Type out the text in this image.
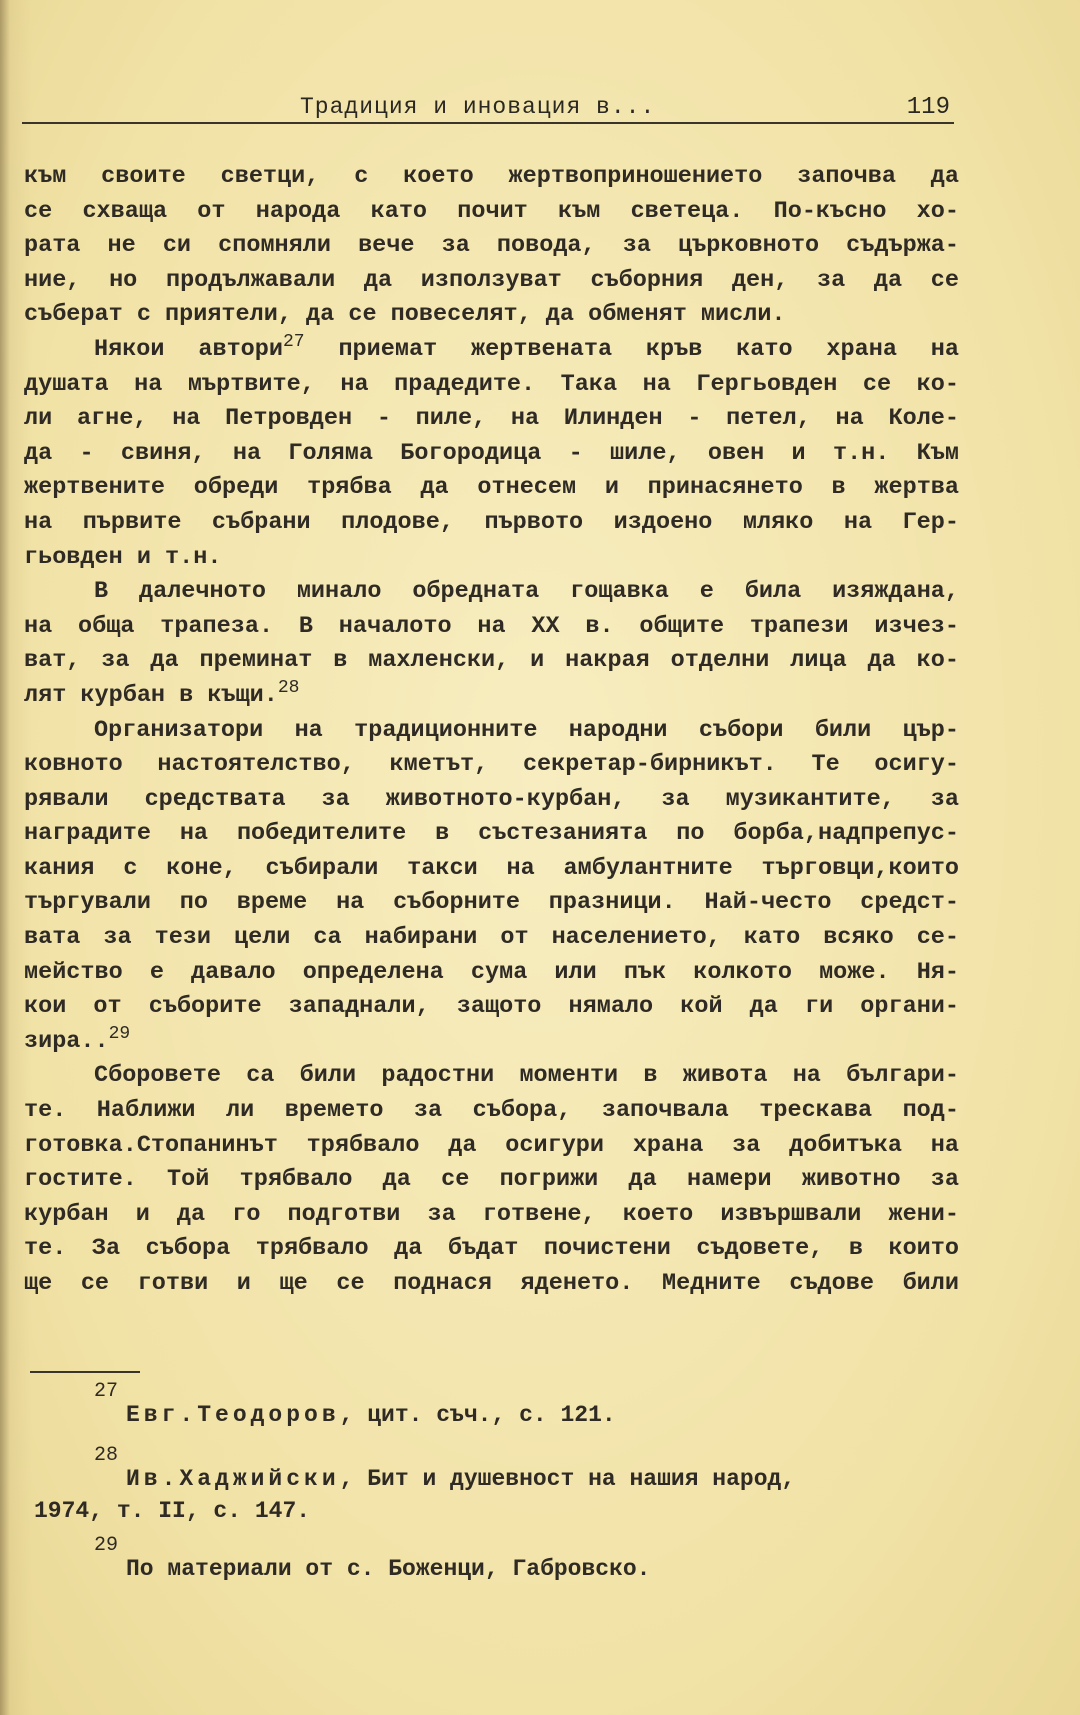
Традиция и иновация в...	119

към своите светци, с което жертвоприношението започва да

се схваща от народа като почит към светеца. По-късно хо-

рата не си спомняли вече за повода, за църковното съдържа-

ние, но продължавали да използуват съборния ден, за да се

съберат с приятели, да се повеселят, да обменят мисли.

Някои автори$^{27}$ приемат жертвената кръв като храна на

душата на мъртвите, на прадедите. Така на Гергьовден се ко-

ли агне, на Петровден - пиле, на Илинден - петел, на Коле-

да - свиня, на Голяма Богородица - шиле, овен и т.н. Към

жертвените обреди трябва да отнесем и принасянето в жертва

на първите събрани плодове, първото издоено мляко на Гер-

гьовден и т.н.

В далечното минало обредната гощавка е била изяждана,

на обща трапеза. В началото на XX в. общите трапези изчез-

ват, за да преминат в махленски, и накрая отделни лица да ко-

лят курбан в къщи.$^{28}$

Организатори на традиционните народни събори били цър-

ковното настоятелство, кметът, секретар-бирникът. Те осигу-

рявали средствата за животното-курбан, за музикантите, за

наградите на победителите в състезанията по борба,надпрепус-

кания с коне, събирали такси на амбулантните търговци,които

търгували по време на съборните празници. Най-често средст-

вата за тези цели са набирани от населението, като всяко се-

мейство е давало определена сума или пък колкото може. Ня-

кои от съборите западнали, защото нямало кой да ги органи-

зира..$^{29}$

Сборовете са били радостни моменти в живота на българи-

те. Наближи ли времето за събора, започвала трескава под-

готовка.Стопанинът трябвало да осигури храна за добитъка на

гостите. Той трябвало да се погрижи да намери животно за

курбан и да го подготви за готвене, което извършвали жени-

те. За събора трябвало да бъдат почистени съдовете, в които

ще се готви и ще се поднася яденето. Медните съдове били

27
Евг.Теодоров, цит. съч., с. 121.
28
Ив.Хаджийски, Бит и душевност на нашия народ,
1974, т. II, с. 147.
29
По материали от с. Боженци, Габровско.
